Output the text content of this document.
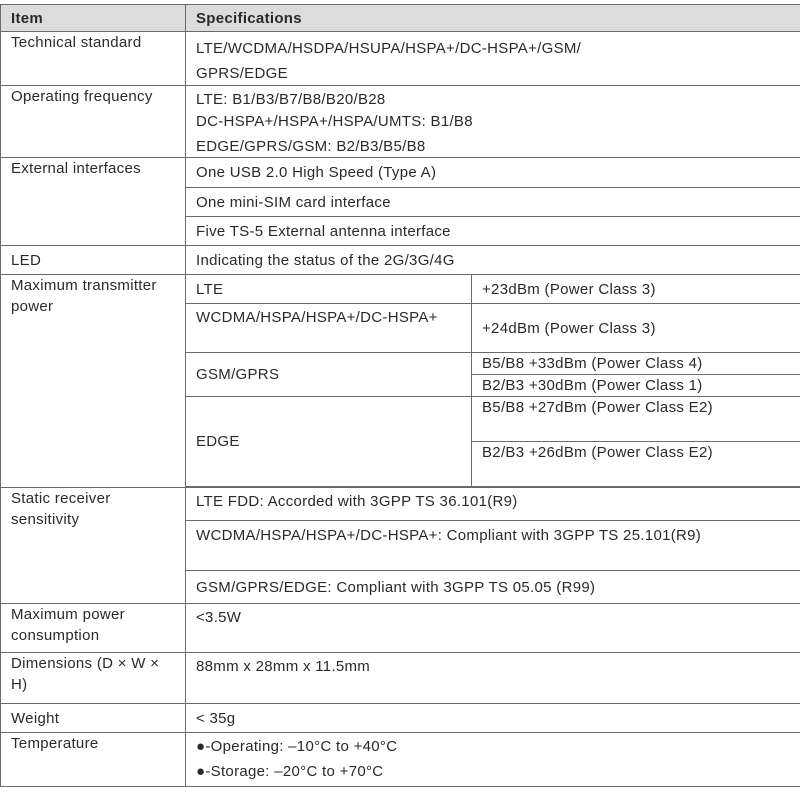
Item	Specifications	
Technical standard	LTE/WCDMA/HSDPA/HSUPA/HSPA+/DC-HSPA+/GSM/
GPRS/EDGE	

Operating frequency	LTE: B1/B3/B7/B8/B20/B28
DC-HSPA+/HSPA+/HSPA/UMTS: B1/B8
EDGE/GPRS/GSM: B2/B3/B5/B8	

External interfaces	One USB 2.0 High Speed (Type A)	
	One mini-SIM card interface	
	Five TS-5 External antenna interface	
LED	Indicating the status of the 2G/3G/4G	
Maximum transmitter power	LTE	+23dBm (Power Class 3)
	WCDMA/HSPA/HSPA+/DC-HSPA+	+24dBm (Power Class 3)
	GSM/GPRS	B5/B8 +33dBm (Power Class 4)
		B2/B3 +30dBm (Power Class 1)
	EDGE	B5/B8 +27dBm (Power Class E2)
		B2/B3 +26dBm (Power Class E2)

Static receiver sensitivity	LTE FDD: Accorded with 3GPP TS 36.101(R9)	
	WCDMA/HSPA/HSPA+/DC-HSPA+: Compliant with 3GPP TS 25.101(R9)	
	GSM/GPRS/EDGE: Compliant with 3GPP TS 05.05 (R99)	
Maximum power consumption	<3.5W	
Dimensions (D × W × H)	88mm x 28mm x 11.5mm	
Weight	< 35g	
Temperature	●-Operating: –10°C to +40°C
●-Storage: –20°C to +70°C	
